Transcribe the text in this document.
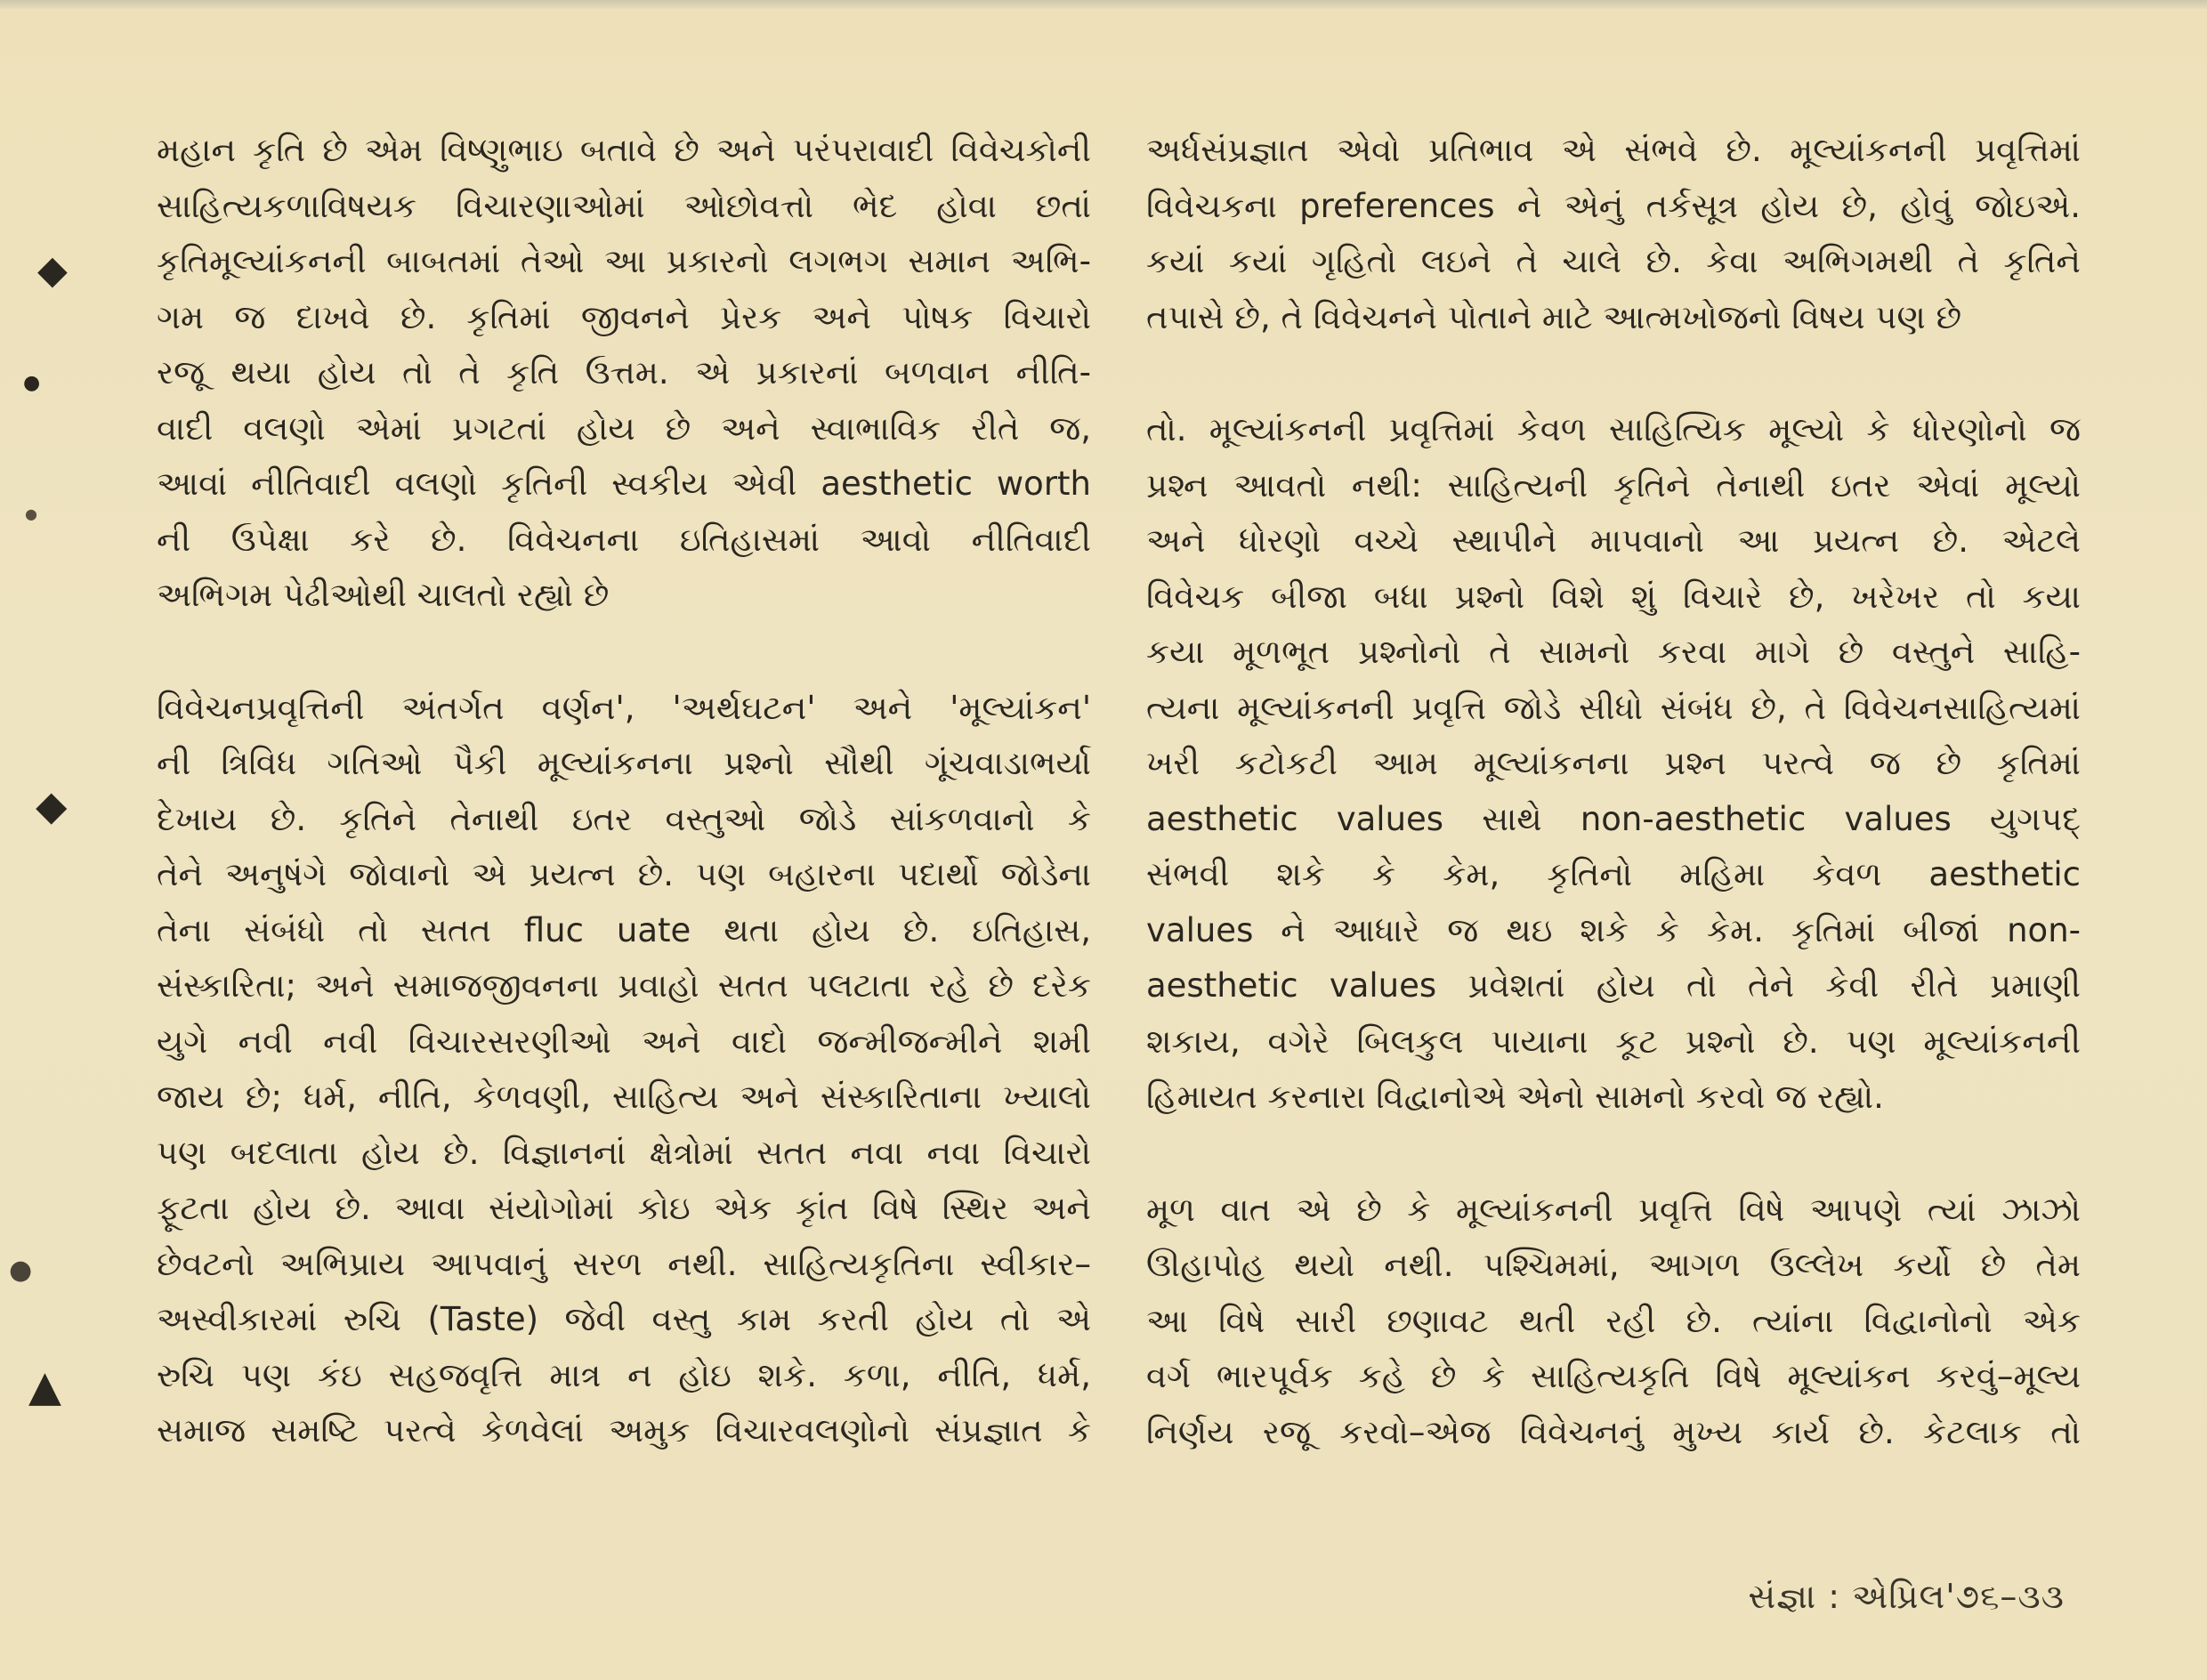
◆
●
●
◆
●
▲
મહાન કૃતિ છે એમ વિષ્ણુભાઇ બતાવે છે અને પરંપરાવાદી વિવેચકોની
સાહિત્યકળાવિષયક વિચારણાઓમાં ઓછોવત્તો ભેદ હોવા છતાં
કૃતિમૂલ્યાંકનની બાબતમાં તેઓ આ પ્રકારનો લગભગ સમાન અભિ-
ગમ જ દાખવે છે. કૃતિમાં જીવનને પ્રેરક અને પોષક વિચારો
રજૂ થયા હોય તો તે કૃતિ ઉત્તમ. એ પ્રકારનાં બળવાન નીતિ-
વાદી વલણો એમાં પ્રગટતાં હોય છે અને સ્વાભાવિક રીતે જ,
આવાં નીતિવાદી વલણો કૃતિની સ્વકીય એવી aesthetic worth
ની ઉપેક્ષા કરે છે. વિવેચનના ઇતિહાસમાં આવો નીતિવાદી
અભિગમ પેઢીઓથી ચાલતો રહ્યો છે
વિવેચનપ્રવૃત્તિની અંતર્ગત વર્ણન', 'અર્થઘટન' અને 'મૂલ્યાંકન'
ની ત્રિવિધ ગતિઓ પૈકી મૂલ્યાંકનના પ્રશ્નો સૌથી ગૂંચવાડાભર્યા
દેખાય છે. કૃતિને તેનાથી ઇતર વસ્તુઓ જોડે સાંકળવાનો કે
તેને અનુષંગે જોવાનો એ પ્રયત્ન છે. પણ બહારના પદાર્થો જોડેના
તેના સંબંધો તો સતત fluc uate થતા હોય છે. ઇતિહાસ,
સંસ્કારિતા; અને સમાજજીવનના પ્રવાહો સતત પલટાતા રહે છે દરેક
યુગે નવી નવી વિચારસરણીઓ અને વાદો જન્મીજન્મીને શમી
જાય છે; ધર્મ, નીતિ, કેળવણી, સાહિત્ય અને સંસ્કારિતાના ખ્યાલો
પણ બદલાતા હોય છે. વિજ્ઞાનનાં ક્ષેત્રોમાં સતત નવા નવા વિચારો
ફૂટતા હોય છે. આવા સંયોગોમાં કોઇ એક કૃાંત વિષે સ્થિર અને
છેવટનો અભિપ્રાય આપવાનું સરળ નથી. સાહિત્યકૃતિના સ્વીકાર–
અસ્વીકારમાં રુચિ (Taste) જેવી વસ્તુ કામ કરતી હોય તો એ
રુચિ પણ કંઇ સહજવૃત્તિ માત્ર ન હોઇ શકે. કળા, નીતિ, ધર્મ,
સમાજ સમષ્ટિ પરત્વે કેળવેલાં અમુક વિચારવલણોનો સંપ્રજ્ઞાત કે
અર્ધસંપ્રજ્ઞાત એવો પ્રતિભાવ એ સંભવે છે. મૂલ્યાંકનની પ્રવૃત્તિમાં
વિવેચકના preferences ને એનું તર્કસૂત્ર હોય છે, હોવું જોઇએ.
કયાં કયાં ગૃહિતો લઇને તે ચાલે છે. કેવા અભિગમથી તે કૃતિને
તપાસે છે, તે વિવેચનને પોતાને માટે આત્મખોજનો વિષય પણ છે
તો. મૂલ્યાંકનની પ્રવૃત્તિમાં કેવળ સાહિત્યિક મૂલ્યો કે ધોરણોનો જ
પ્રશ્ન આવતો નથી: સાહિત્યની કૃતિને તેનાથી ઇતર એવાં મૂલ્યો
અને ધોરણો વચ્ચે સ્થાપીને માપવાનો આ પ્રયત્ન છે. એટલે
વિવેચક બીજા બધા પ્રશ્નો વિશે શું વિચારે છે, ખરેખર તો કયા
કયા મૂળભૂત પ્રશ્નોનો તે સામનો કરવા માગે છે વસ્તુને સાહિ-
ત્યના મૂલ્યાંકનની પ્રવૃત્તિ જોડે સીધો સંબંધ છે, તે વિવેચનસાહિત્યમાં
ખરી કટોકટી આમ મૂલ્યાંકનના પ્રશ્ન પરત્વે જ છે કૃતિમાં
aesthetic values સાથે non-aesthetic values યુગપદ્
સંભવી શકે કે કેમ, કૃતિનો મહિમા કેવળ aesthetic
values ને આધારે જ થઇ શકે કે કેમ. કૃતિમાં બીજાં non-
aesthetic values પ્રવેશતાં હોય તો તેને કેવી રીતે પ્રમાણી
શકાય, વગેરે બિલકુલ પાયાના કૂટ પ્રશ્નો છે. પણ મૂલ્યાંકનની
હિમાયત કરનારા વિદ્વાનોએ એનો સામનો કરવો જ રહ્યો.
મૂળ વાત એ છે કે મૂલ્યાંકનની પ્રવૃત્તિ વિષે આપણે ત્યાં ઝાઝો
ઊહાપોહ થયો નથી. પશ્ચિમમાં, આગળ ઉલ્લેખ કર્યો છે તેમ
આ વિષે સારી છણાવટ થતી રહી છે. ત્યાંના વિદ્વાનોનો એક
વર્ગ ભારપૂર્વક કહે છે કે સાહિત્યકૃતિ વિષે મૂલ્યાંકન કરવું–મૂલ્ય
નિર્ણય રજૂ કરવો–એજ વિવેચનનું મુખ્ય કાર્ય છે. કેટલાક તો
સંજ્ઞા : એપ્રિલ'૭૬–૩૩
